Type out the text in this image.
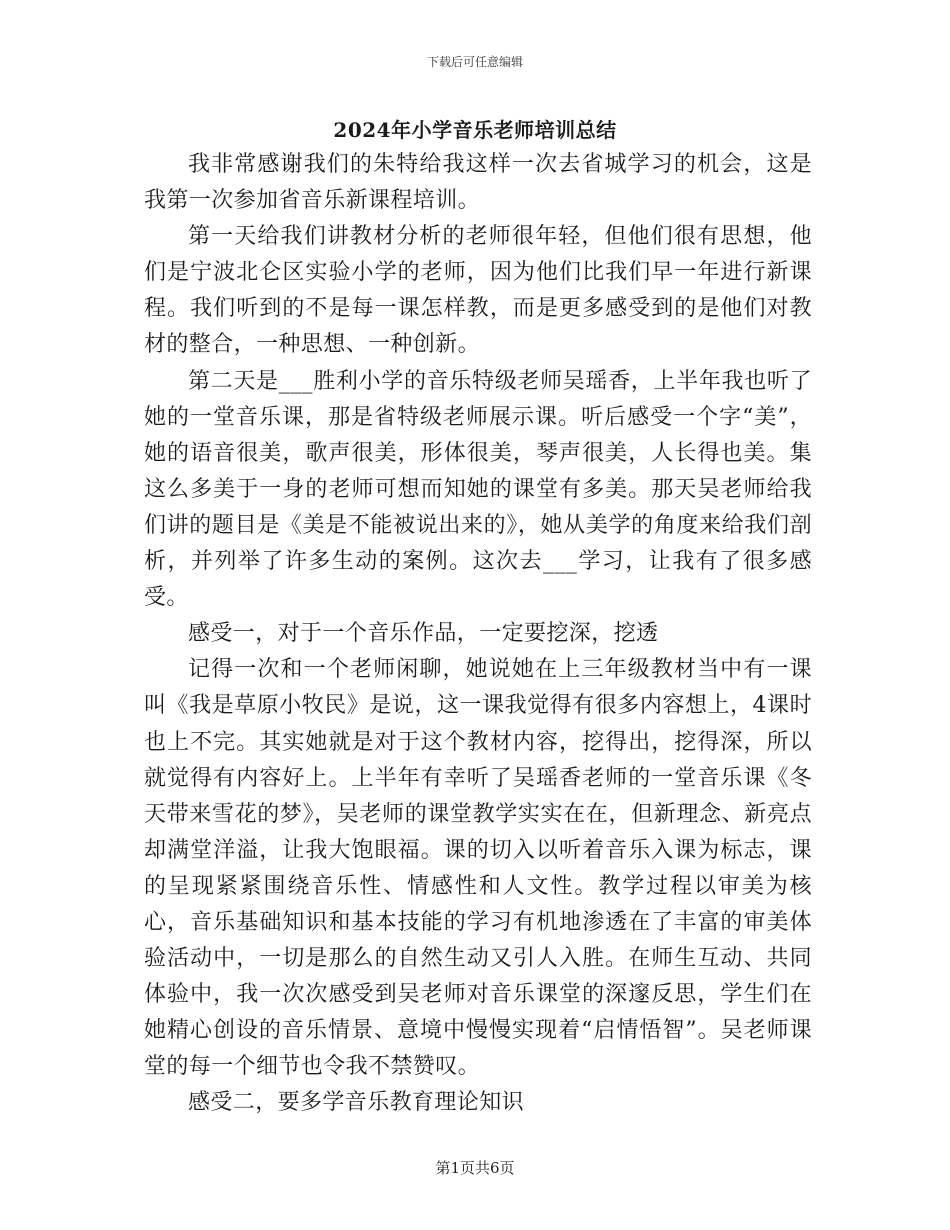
下载后可任意编辑
2024年小学音乐老师培训总结

我非常感谢我们的朱特给我这样一次去省城学习的机会，这是我第一次参加省音乐新课程培训。

第一天给我们讲教材分析的老师很年轻，但他们很有思想，他们是宁波北仑区实验小学的老师，因为他们比我们早一年进行新课程。我们听到的不是每一课怎样教，而是更多感受到的是他们对教材的整合，一种思想、一种创新。

第二天是___胜利小学的音乐特级老师吴瑶香，上半年我也听了她的一堂音乐课，那是省特级老师展示课。听后感受一个字“美”，她的语音很美，歌声很美，形体很美，琴声很美，人长得也美。集这么多美于一身的老师可想而知她的课堂有多美。那天吴老师给我们讲的题目是《美是不能被说出来的》，她从美学的角度来给我们剖析，并列举了许多生动的案例。这次去___学习，让我有了很多感受。

感受一，对于一个音乐作品，一定要挖深，挖透

记得一次和一个老师闲聊，她说她在上三年级教材当中有一课叫《我是草原小牧民》是说，这一课我觉得有很多内容想上，4课时也上不完。其实她就是对于这个教材内容，挖得出，挖得深，所以就觉得有内容好上。上半年有幸听了吴瑶香老师的一堂音乐课《冬天带来雪花的梦》，吴老师的课堂教学实实在在，但新理念、新亮点却满堂洋溢，让我大饱眼福。课的切入以听着音乐入课为标志，课的呈现紧紧围绕音乐性、情感性和人文性。教学过程以审美为核心，音乐基础知识和基本技能的学习有机地渗透在了丰富的审美体验活动中，一切是那么的自然生动又引人入胜。在师生互动、共同体验中，我一次次感受到吴老师对音乐课堂的深邃反思，学生们在她精心创设的音乐情景、意境中慢慢实现着“启情悟智”。吴老师课堂的每一个细节也令我不禁赞叹。

感受二，要多学音乐教育理论知识

第1页共6页
